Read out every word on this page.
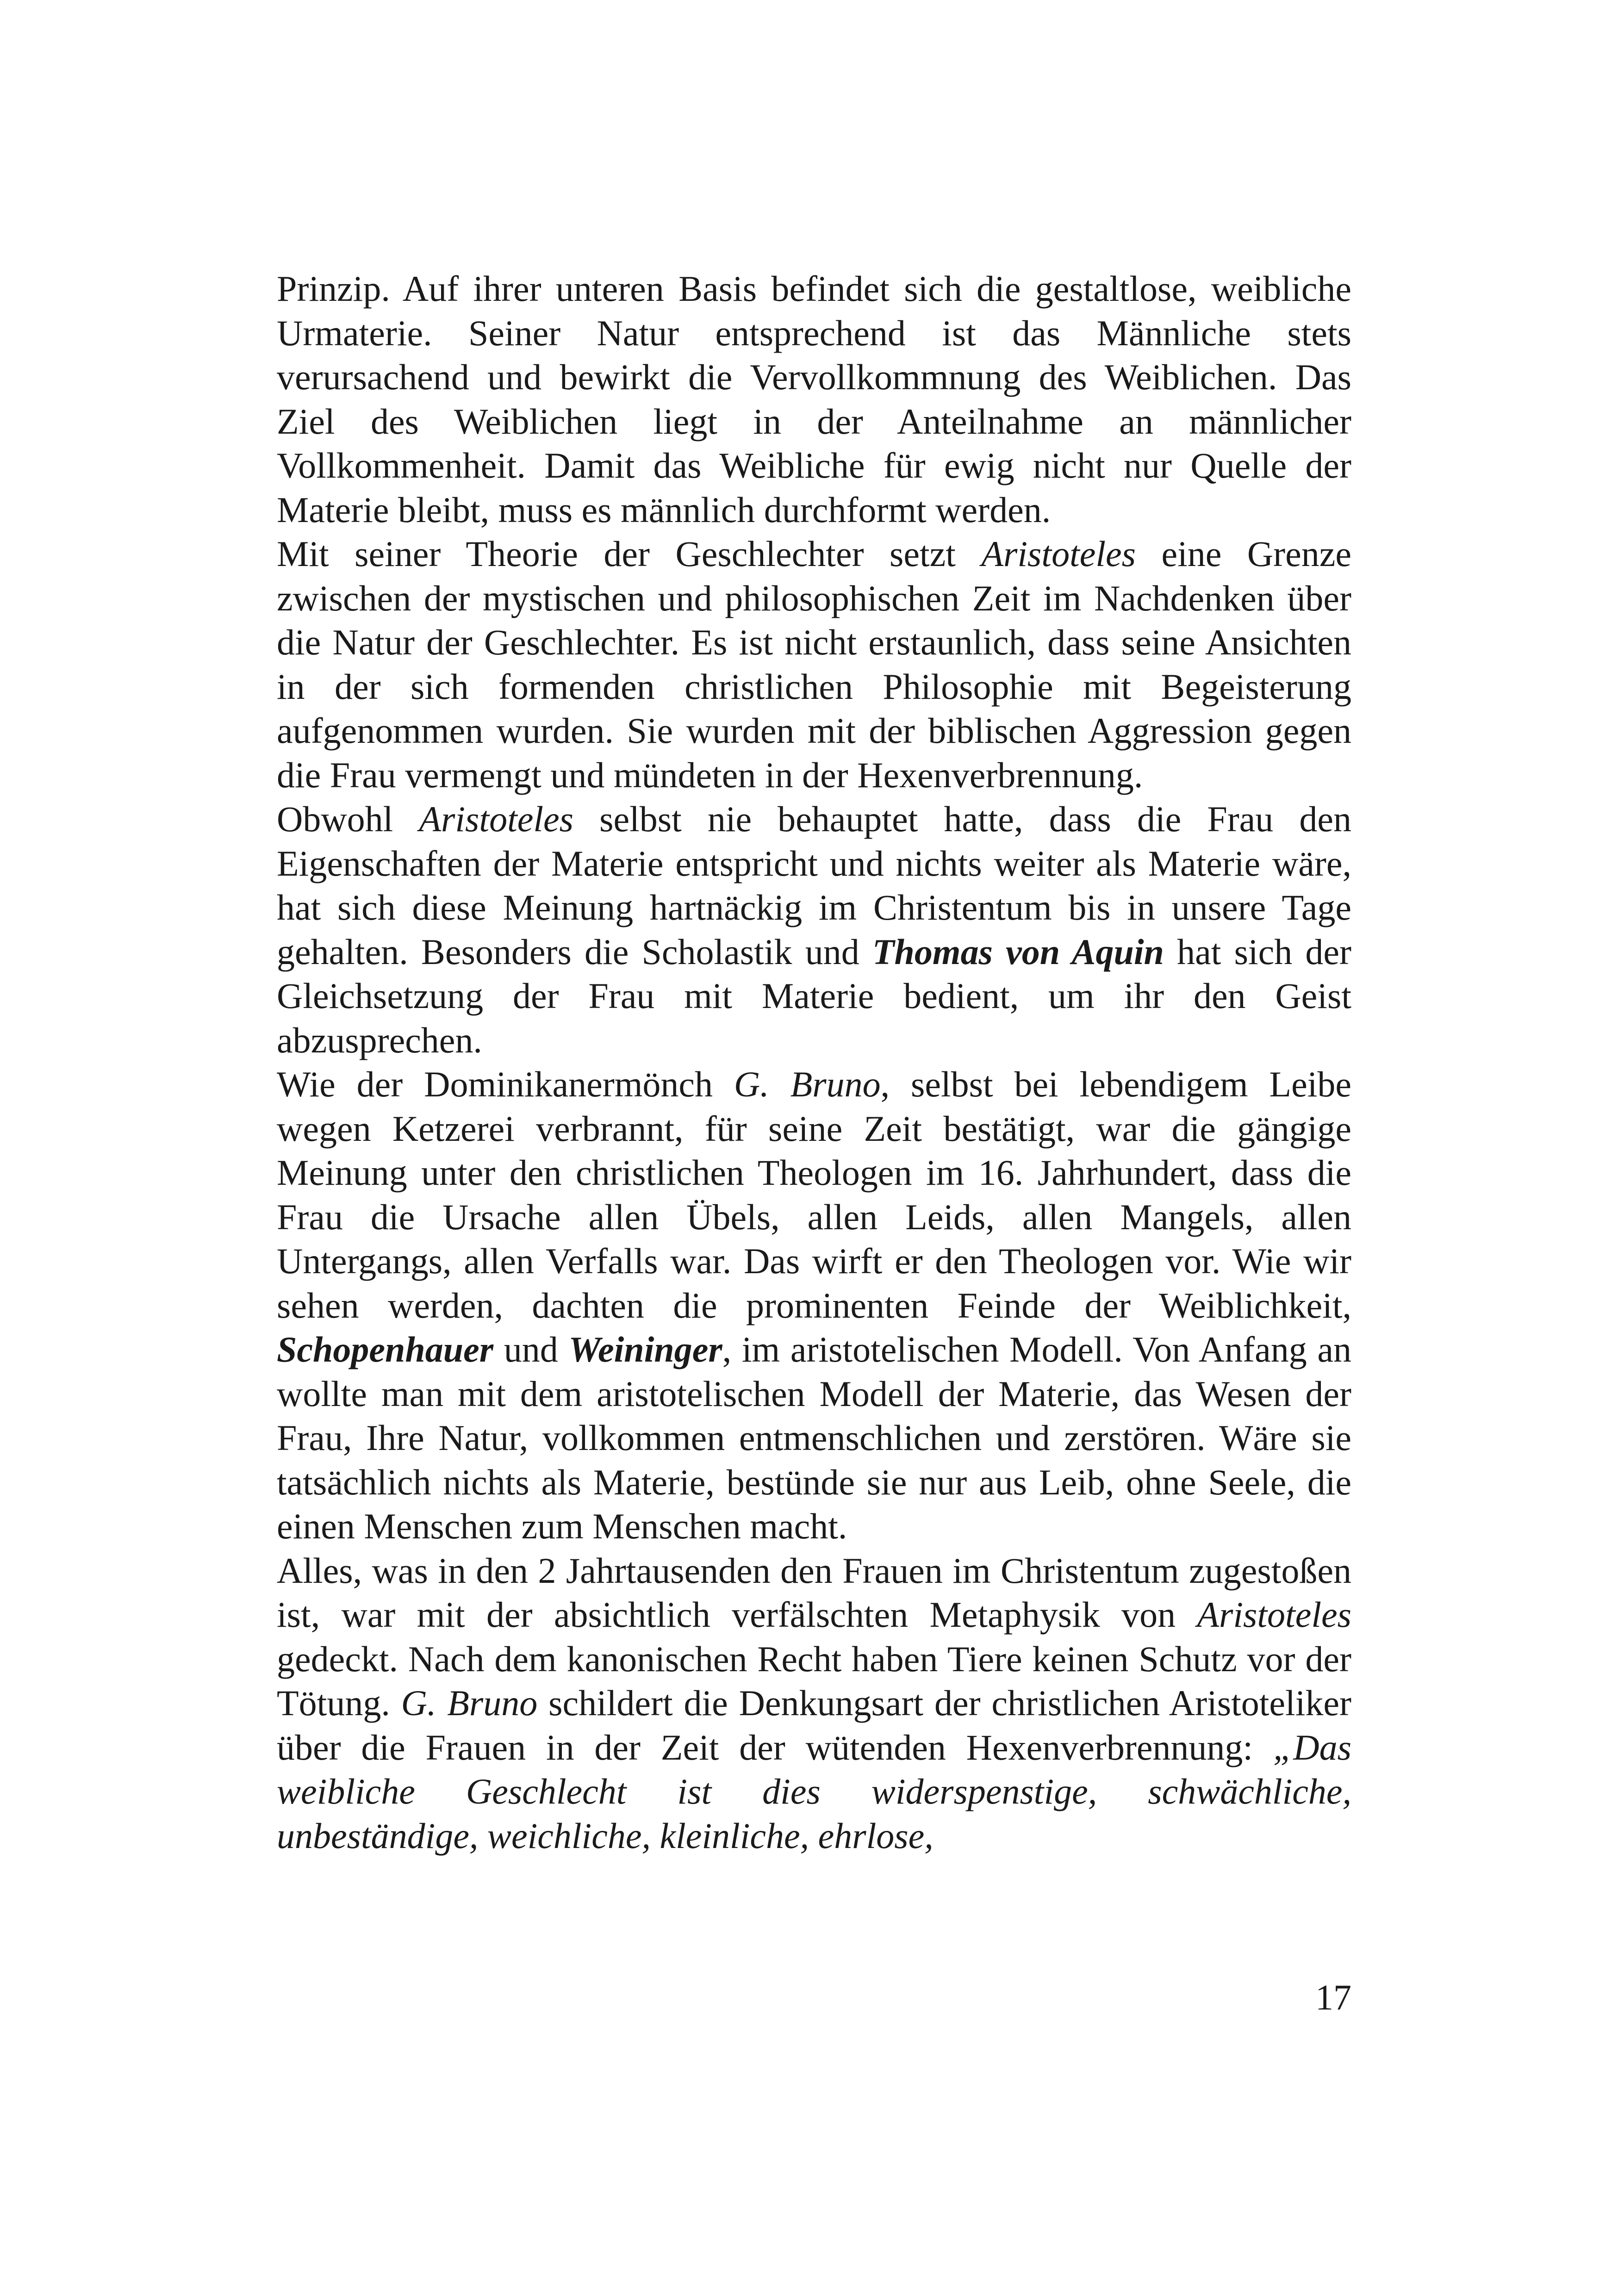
Prinzip. Auf ihrer unteren Basis befindet sich die gestaltlose, weibliche Urmaterie. Seiner Natur entsprechend ist das Männliche stets verursachend und bewirkt die Vervollkommnung des Weiblichen. Das Ziel des Weiblichen liegt in der Anteilnahme an männlicher Vollkommenheit. Damit das Weibliche für ewig nicht nur Quelle der Materie bleibt, muss es männlich durchformt werden.

Mit seiner Theorie der Geschlechter setzt Aristoteles eine Grenze zwischen der mystischen und philosophischen Zeit im Nachdenken über die Natur der Geschlechter. Es ist nicht erstaunlich, dass seine Ansichten in der sich formenden christlichen Philosophie mit Begeisterung aufgenommen wurden. Sie wurden mit der biblischen Aggression gegen die Frau vermengt und mündeten in der Hexenverbrennung.

Obwohl Aristoteles selbst nie behauptet hatte, dass die Frau den Eigenschaften der Materie entspricht und nichts weiter als Materie wäre, hat sich diese Meinung hartnäckig im Christentum bis in unsere Tage gehalten. Besonders die Scholastik und Thomas von Aquin hat sich der Gleichsetzung der Frau mit Materie bedient, um ihr den Geist abzusprechen.

Wie der Dominikanermönch G. Bruno, selbst bei lebendigem Leibe wegen Ketzerei verbrannt, für seine Zeit bestätigt, war die gängige Meinung unter den christlichen Theologen im 16. Jahrhundert, dass die Frau die Ursache allen Übels, allen Leids, allen Mangels, allen Untergangs, allen Verfalls war. Das wirft er den Theologen vor. Wie wir sehen werden, dachten die prominenten Feinde der Weiblichkeit, Schopenhauer und Weininger, im aristotelischen Modell. Von Anfang an wollte man mit dem aristotelischen Modell der Materie, das Wesen der Frau, Ihre Natur, vollkommen entmenschlichen und zerstören. Wäre sie tatsächlich nichts als Materie, bestünde sie nur aus Leib, ohne Seele, die einen Menschen zum Menschen macht.

Alles, was in den 2 Jahrtausenden den Frauen im Christentum zugestoßen ist, war mit der absichtlich verfälschten Metaphysik von Aristoteles gedeckt. Nach dem kanonischen Recht haben Tiere keinen Schutz vor der Tötung. G. Bruno schildert die Denkungsart der christlichen Aristoteliker über die Frauen in der Zeit der wütenden Hexenverbrennung: „Das weibliche Geschlecht ist dies widerspenstige, schwächliche, unbeständige, weichliche, kleinliche, ehrlose,

17
